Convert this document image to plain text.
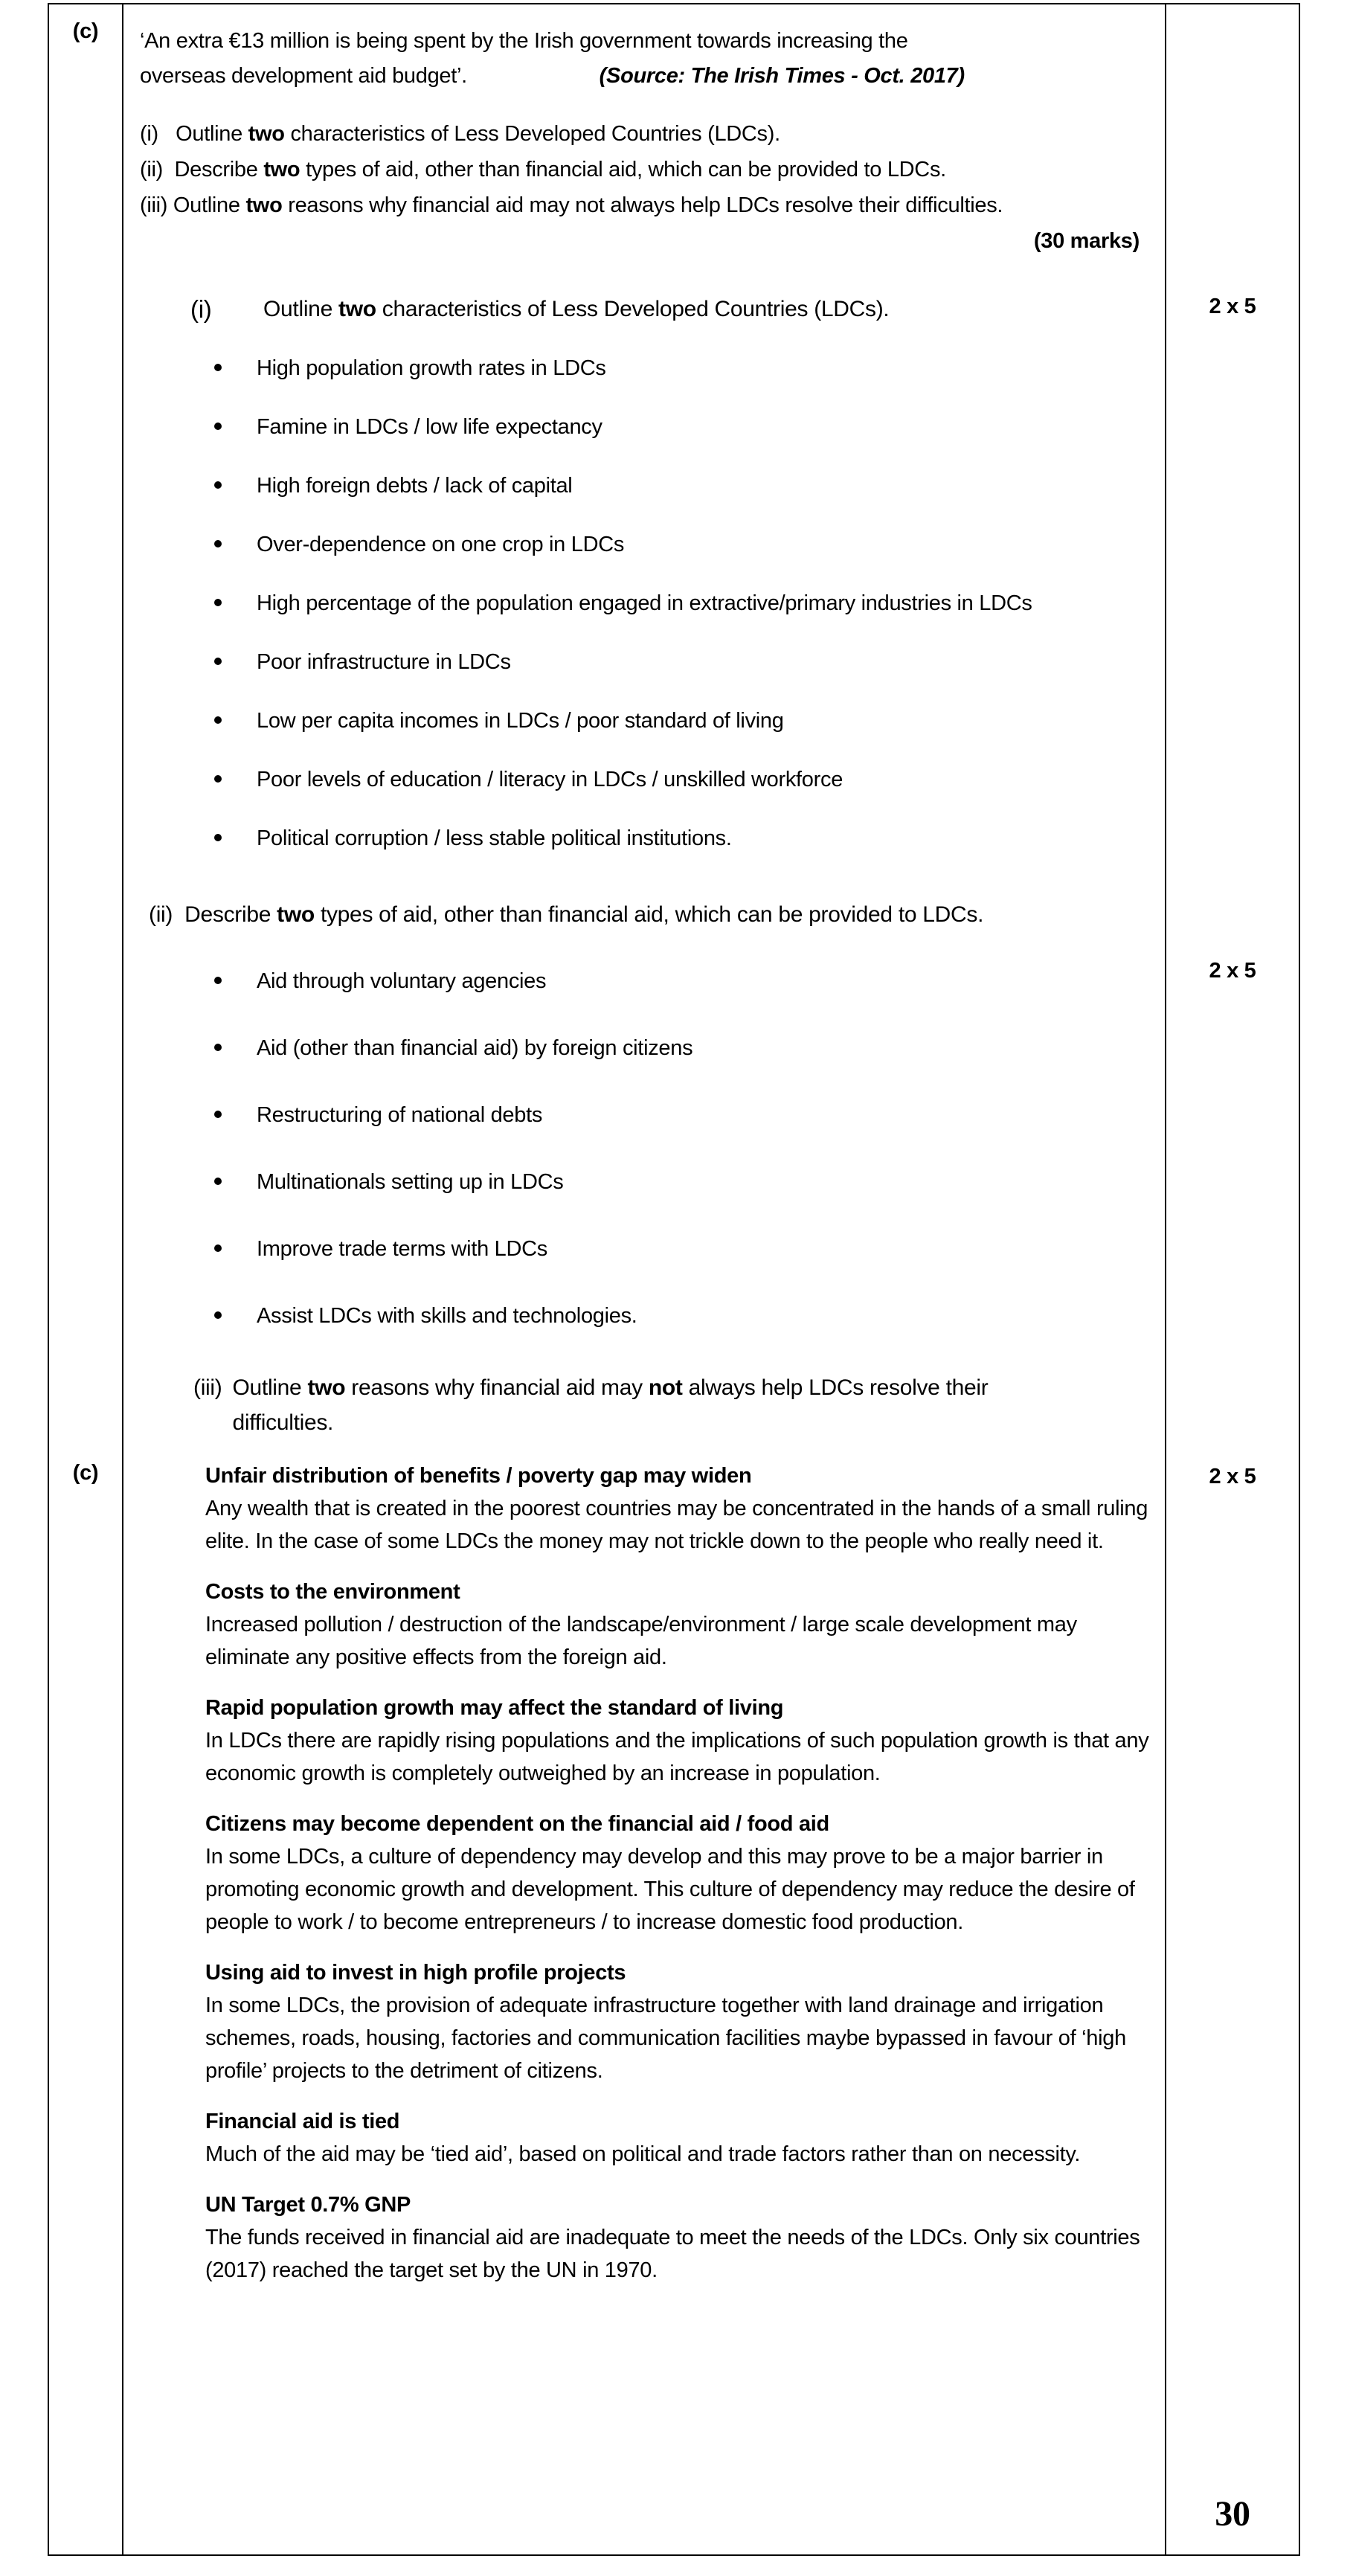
(c)
(c)
‘An extra €13 million is being spent by the Irish government towards increasing the
overseas development aid budget’.	(Source: The Irish Times - Oct. 2017)
(i)   Outline two characteristics of Less Developed Countries (LDCs).
(ii)  Describe two types of aid, other than financial aid, which can be provided to LDCs.
(iii) Outline two reasons why financial aid may not always help LDCs resolve their difficulties.
(30 marks)
(i)	Outline two characteristics of Less Developed Countries (LDCs).
High population growth rates in LDCs
Famine in LDCs / low life expectancy
High foreign debts / lack of capital
Over-dependence on one crop in LDCs
High percentage of the population engaged in extractive/primary industries in LDCs
Poor infrastructure in LDCs
Low per capita incomes in LDCs / poor standard of living
Poor levels of education / literacy in LDCs / unskilled workforce
Political corruption / less stable political institutions.
(ii) Describe two types of aid, other than financial aid, which can be provided to LDCs.
Aid through voluntary agencies
Aid (other than financial aid) by foreign citizens
Restructuring of national debts
Multinationals setting up in LDCs
Improve trade terms with LDCs
Assist LDCs with skills and technologies.
(iii) Outline two reasons why financial aid may not always help LDCs resolve their
difficulties.
Unfair distribution of benefits / poverty gap may widen
Any wealth that is created in the poorest countries may be concentrated in the hands of a small ruling elite. In the case of some LDCs the money may not trickle down to the people who really need it.
Costs to the environment
Increased pollution / destruction of the landscape/environment / large scale development may eliminate any positive effects from the foreign aid.
Rapid population growth may affect the standard of living
In LDCs there are rapidly rising populations and the implications of such population growth is that any economic growth is completely outweighed by an increase in population.
Citizens may become dependent on the financial aid / food aid
In some LDCs, a culture of dependency may develop and this may prove to be a major barrier in promoting economic growth and development. This culture of dependency may reduce the desire of people to work / to become entrepreneurs / to increase domestic food production.
Using aid to invest in high profile projects
In some LDCs, the provision of adequate infrastructure together with land drainage and irrigation schemes, roads, housing, factories and communication facilities maybe bypassed in favour of ‘high profile’ projects to the detriment of citizens.
Financial aid is tied
Much of the aid may be ‘tied aid’, based on political and trade factors rather than on necessity.
UN Target 0.7% GNP
The funds received in financial aid are inadequate to meet the needs of the LDCs. Only six countries (2017) reached the target set by the UN in 1970.
2 x 5
2 x 5
2 x 5
30
